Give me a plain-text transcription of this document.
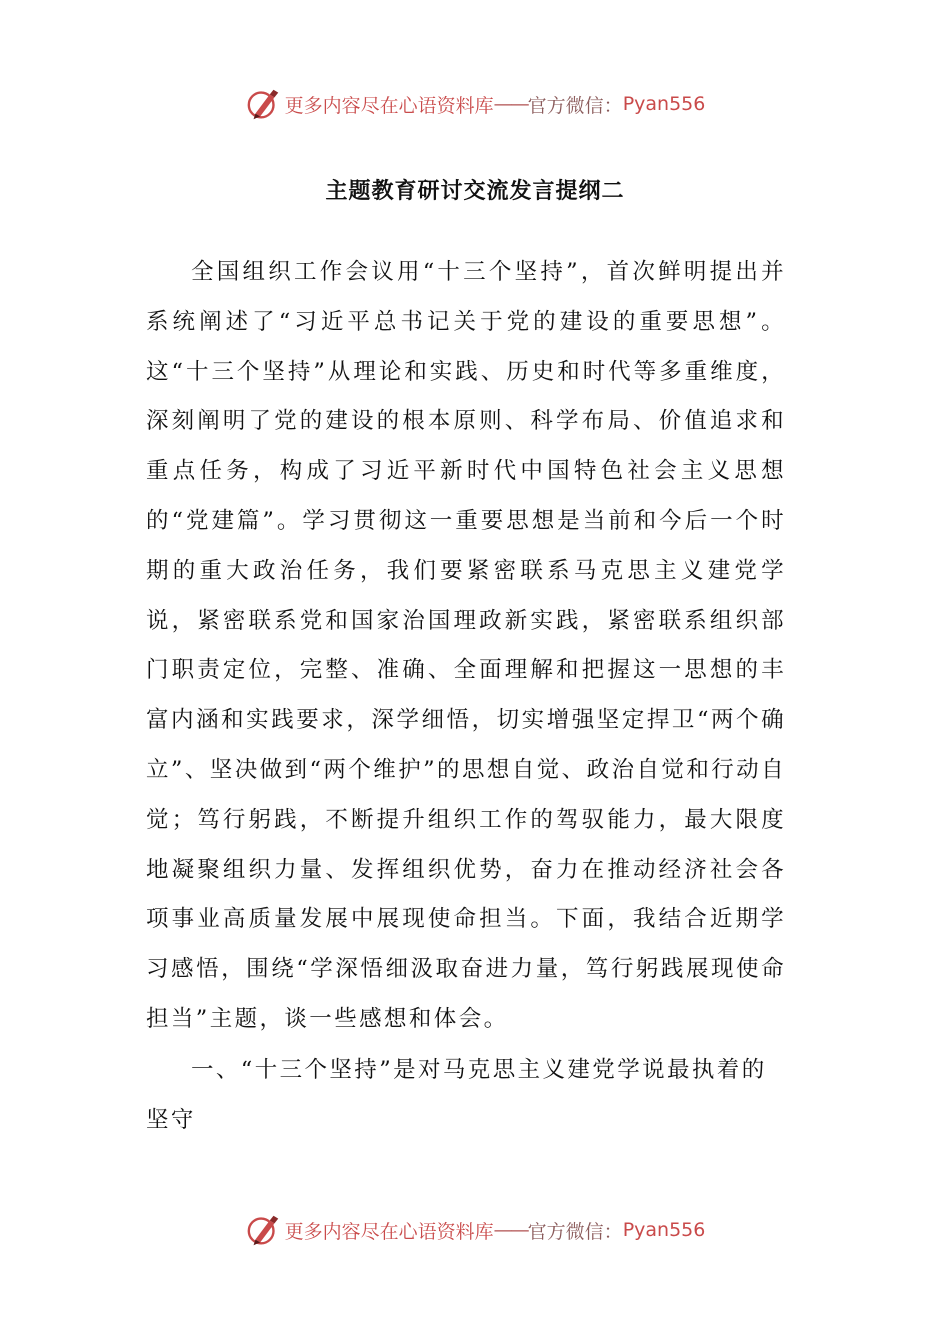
更多内容尽在心语资料库 —— 官方微信： Pyan556
主题教育研讨交流发言提纲二

全国组织工作会议用“十三个坚持”，首次鲜明提出并系统阐述了“习近平总书记关于党的建设的重要思想”。这“十三个坚持”从理论和实践、历史和时代等多重维度，深刻阐明了党的建设的根本原则、科学布局、价值追求和重点任务，构成了习近平新时代中国特色社会主义思想的“党建篇”。学习贯彻这一重要思想是当前和今后一个时期的重大政治任务，我们要紧密联系马克思主义建党学说，紧密联系党和国家治国理政新实践，紧密联系组织部门职责定位，完整、准确、全面理解和把握这一思想的丰富内涵和实践要求，深学细悟，切实增强坚定捍卫“两个确立”、坚决做到“两个维护”的思想自觉、政治自觉和行动自觉；笃行躬践，不断提升组织工作的驾驭能力，最大限度地凝聚组织力量、发挥组织优势，奋力在推动经济社会各项事业高质量发展中展现使命担当。下面，我结合近期学习感悟，围绕“学深悟细汲取奋进力量，笃行躬践展现使命担当”主题，谈一些感想和体会。

一、“十三个坚持”是对马克思主义建党学说最执着的坚守

更多内容尽在心语资料库 —— 官方微信： Pyan556
